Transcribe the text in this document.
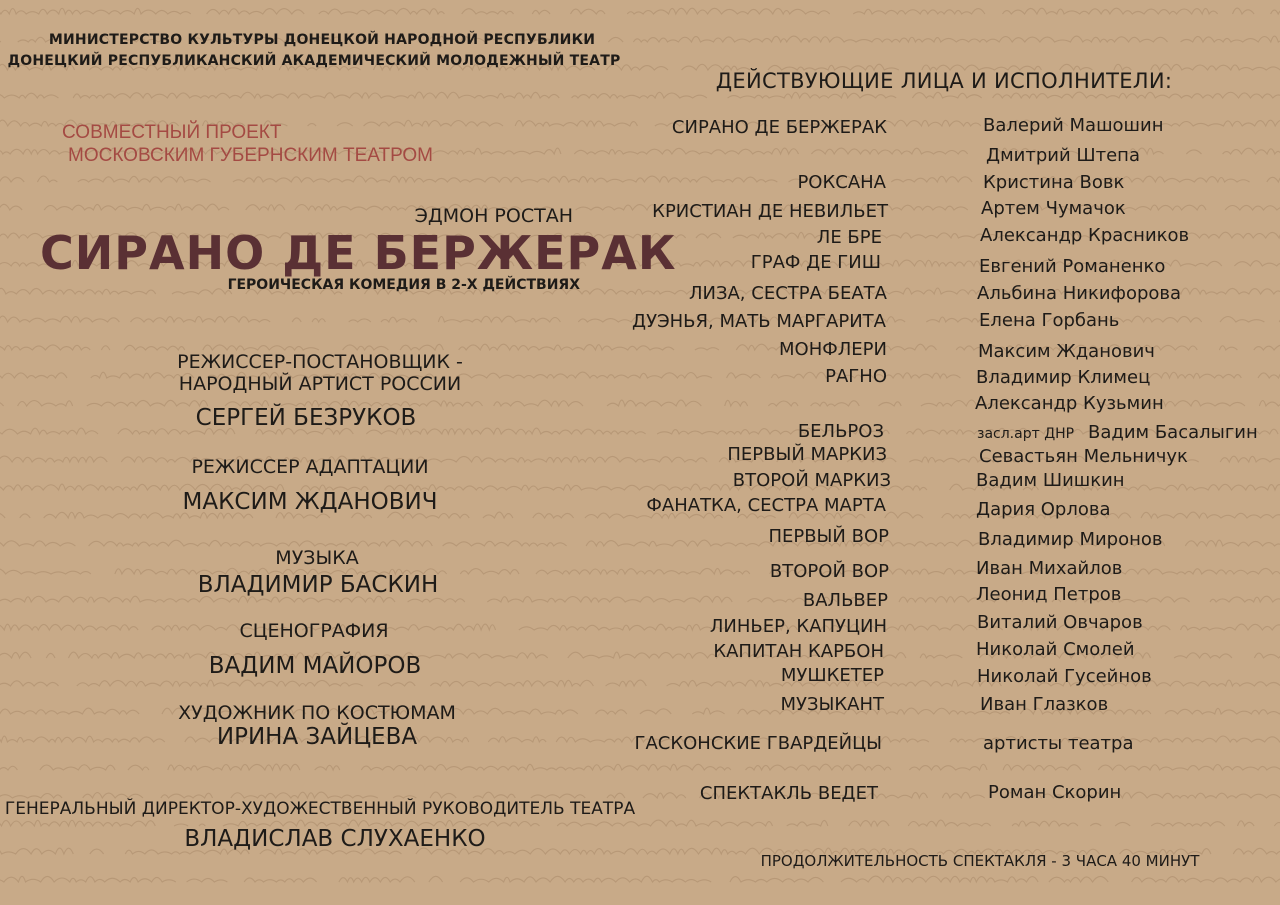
МИНИСТЕРСТВО КУЛЬТУРЫ ДОНЕЦКОЙ НАРОДНОЙ РЕСПУБЛИКИ
ДОНЕЦКИЙ РЕСПУБЛИКАНСКИЙ АКАДЕМИЧЕСКИЙ МОЛОДЕЖНЫЙ ТЕАТР
СОВМЕСТНЫЙ ПРОЕКТ
МОСКОВСКИМ ГУБЕРНСКИМ ТЕАТРОМ
ЭДМОН РОСТАН
СИРАНО ДЕ БЕРЖЕРАК
ГЕРОИЧЕСКАЯ КОМЕДИЯ В 2-Х ДЕЙСТВИЯХ
РЕЖИССЕР-ПОСТАНОВЩИК -
НАРОДНЫЙ АРТИСТ РОССИИ
СЕРГЕЙ БЕЗРУКОВ
РЕЖИССЕР АДАПТАЦИИ
МАКСИМ ЖДАНОВИЧ
МУЗЫКА
ВЛАДИМИР БАСКИН
СЦЕНОГРАФИЯ
ВАДИМ МАЙОРОВ
ХУДОЖНИК ПО КОСТЮМАМ
ИРИНА ЗАЙЦЕВА
ГЕНЕРАЛЬНЫЙ ДИРЕКТОР-ХУДОЖЕСТВЕННЫЙ РУКОВОДИТЕЛЬ ТЕАТРА
ВЛАДИСЛАВ СЛУХАЕНКО
ДЕЙСТВУЮЩИЕ ЛИЦА И ИСПОЛНИТЕЛИ:
СИРАНО ДЕ БЕРЖЕРАК
РОКСАНА
КРИСТИАН ДЕ НЕВИЛЬЕТ
ЛЕ БРЕ
ГРАФ ДЕ ГИШ
ЛИЗА, СЕСТРА БЕАТА
ДУЭНЬЯ, МАТЬ МАРГАРИТА
МОНФЛЕРИ
РАГНО
БЕЛЬРОЗ
ПЕРВЫЙ МАРКИЗ
ВТОРОЙ МАРКИЗ
ФАНАТКА, СЕСТРА МАРТА
ПЕРВЫЙ ВОР
ВТОРОЙ ВОР
ВАЛЬВЕР
ЛИНЬЕР, КАПУЦИН
КАПИТАН КАРБОН
МУШКЕТЕР
МУЗЫКАНТ
ГАСКОНСКИЕ ГВАРДЕЙЦЫ
СПЕКТАКЛЬ ВЕДЕТ
Валерий Машошин
Дмитрий Штепа
Кристина Вовк
Артем Чумачок
Александр Красников
Евгений Романенко
Альбина Никифорова
Елена Горбань
Максим Жданович
Владимир Климец
Александр Кузьмин
засл.арт ДНР Вадим Басалыгин
Севастьян Мельничук
Вадим Шишкин
Дария Орлова
Владимир Миронов
Иван Михайлов
Леонид Петров
Виталий Овчаров
Николай Смолей
Николай Гусейнов
Иван Глазков
артисты театра
Роман Скорин
ПРОДОЛЖИТЕЛЬНОСТЬ СПЕКТАКЛЯ - 3 ЧАСА 40 МИНУТ
